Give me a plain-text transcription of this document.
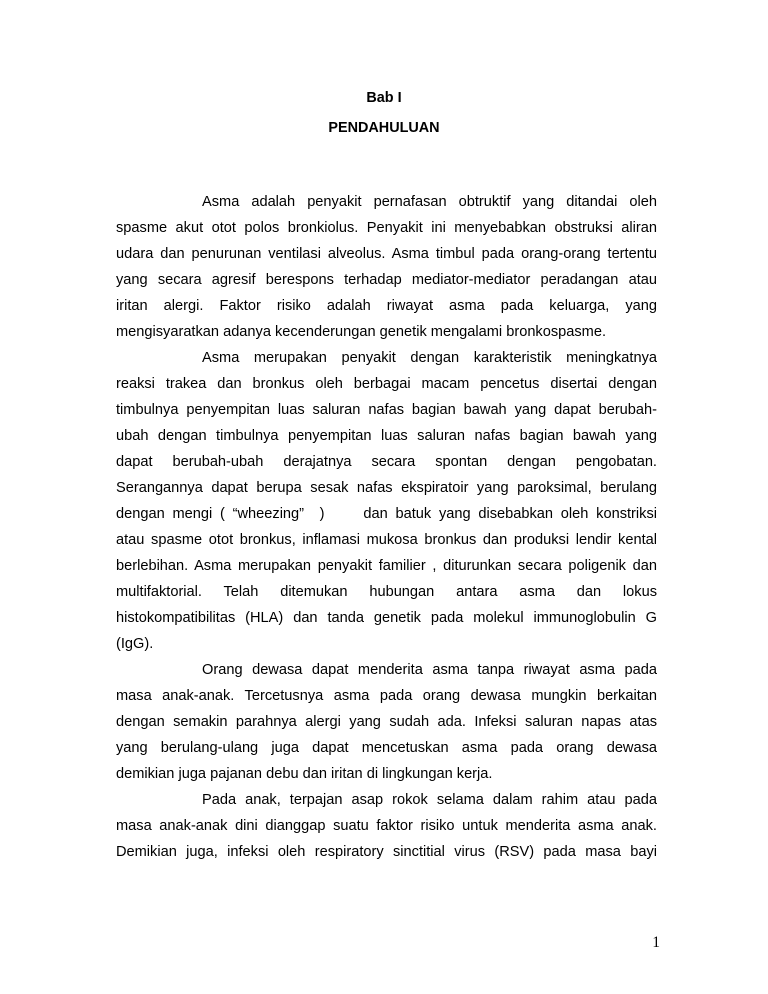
Bab I
PENDAHULUAN
Asma adalah penyakit pernafasan obtruktif yang ditandai oleh
spasme akut otot polos bronkiolus. Penyakit ini menyebabkan obstruksi aliran
udara dan penurunan ventilasi alveolus. Asma timbul pada orang-orang tertentu
yang secara agresif berespons terhadap mediator-mediator peradangan atau
iritan alergi. Faktor risiko adalah riwayat asma pada keluarga, yang
mengisyaratkan adanya kecenderungan genetik mengalami bronkospasme.
Asma merupakan penyakit dengan karakteristik meningkatnya
reaksi trakea dan bronkus oleh berbagai macam pencetus disertai dengan
timbulnya penyempitan luas saluran nafas bagian bawah yang dapat berubah-
ubah dengan timbulnya penyempitan luas saluran nafas bagian bawah yang
dapat berubah-ubah derajatnya secara spontan dengan pengobatan.
Serangannya dapat berupa sesak nafas ekspiratoir yang paroksimal, berulang
dengan mengi ( “wheezing”  )     dan batuk yang disebabkan oleh konstriksi
atau spasme otot bronkus, inflamasi mukosa bronkus dan produksi lendir kental
berlebihan. Asma merupakan penyakit familier , diturunkan secara poligenik dan
multifaktorial. Telah ditemukan hubungan antara asma dan lokus
histokompatibilitas (HLA) dan tanda genetik pada molekul immunoglobulin G
(IgG).
Orang dewasa dapat menderita asma tanpa riwayat asma pada
masa anak-anak. Tercetusnya asma pada orang dewasa mungkin berkaitan
dengan semakin parahnya alergi yang sudah ada. Infeksi saluran napas atas
yang berulang-ulang juga dapat mencetuskan asma pada orang dewasa
demikian juga pajanan debu dan iritan di lingkungan kerja.
Pada anak, terpajan asap rokok selama dalam rahim atau pada
masa anak-anak dini dianggap suatu faktor risiko untuk menderita asma anak.
Demikian juga, infeksi oleh respiratory sinctitial virus (RSV) pada masa bayi
1
